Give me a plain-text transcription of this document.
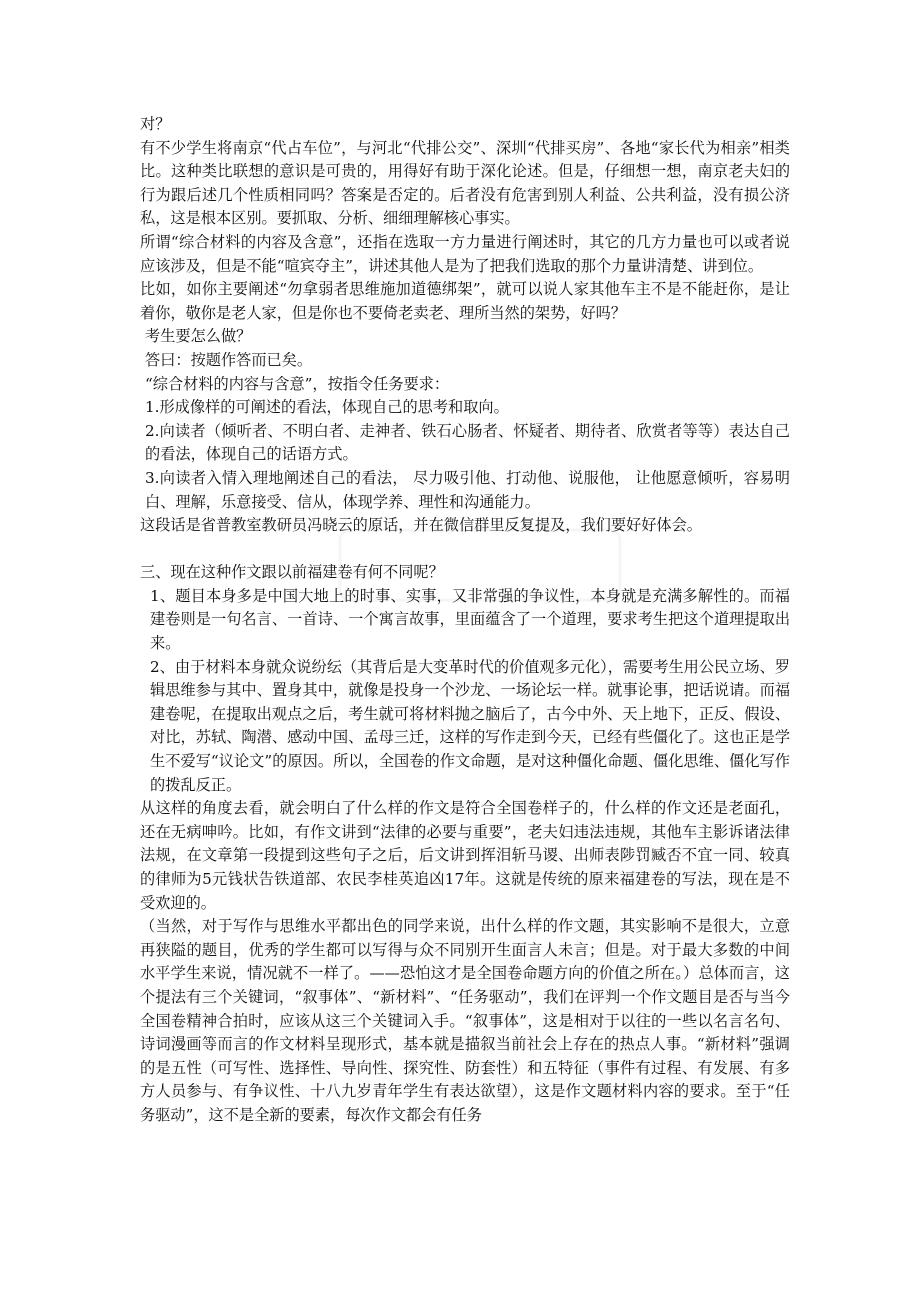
对？

有不少学生将南京“代占车位”，与河北“代排公交”、深圳“代排买房”、各地“家长代为相亲”相类比。这种类比联想的意识是可贵的，用得好有助于深化论述。但是，仔细想一想，南京老夫妇的行为跟后述几个性质相同吗？答案是否定的。后者没有危害到别人利益、公共利益，没有损公济私，这是根本区别。要抓取、分析、细细理解核心事实。

所谓“综合材料的内容及含意”，还指在选取一方力量进行阐述时，其它的几方力量也可以或者说应该涉及，但是不能“喧宾夺主”，讲述其他人是为了把我们选取的那个力量讲清楚、讲到位。

比如，如你主要阐述“勿拿弱者思维施加道德绑架”，就可以说人家其他车主不是不能赶你，是让着你，敬你是老人家，但是你也不要倚老卖老、理所当然的架势，好吗？

考生要怎么做？

答曰：按题作答而已矣。

“综合材料的内容与含意”，按指令任务要求：

1.形成像样的可阐述的看法，体现自己的思考和取向。

2.向读者（倾听者、不明白者、走神者、铁石心肠者、怀疑者、期待者、欣赏者等等）表达自己的看法，体现自己的话语方式。

3.向读者入情入理地阐述自己的看法， 尽力吸引他、打动他、说服他， 让他愿意倾听，容易明白、理解，乐意接受、信从，体现学养、理性和沟通能力。

这段话是省普教室教研员冯晓云的原话，并在微信群里反复提及，我们要好好体会。

三、现在这种作文跟以前福建卷有何不同呢？

1、题目本身多是中国大地上的时事、实事，又非常强的争议性，本身就是充满多解性的。而福建卷则是一句名言、一首诗、一个寓言故事，里面蕴含了一个道理，要求考生把这个道理提取出来。

2、由于材料本身就众说纷纭（其背后是大变革时代的价值观多元化），需要考生用公民立场、罗辑思维参与其中、置身其中，就像是投身一个沙龙、一场论坛一样。就事论事，把话说请。而福建卷呢，在提取出观点之后，考生就可将材料抛之脑后了，古今中外、天上地下，正反、假设、对比，苏轼、陶潜、感动中国、孟母三迁，这样的写作走到今天，已经有些僵化了。这也正是学生不爱写“议论文”的原因。所以，全国卷的作文命题，是对这种僵化命题、僵化思维、僵化写作的拨乱反正。

从这样的角度去看，就会明白了什么样的作文是符合全国卷样子的，什么样的作文还是老面孔，还在无病呻吟。比如，有作文讲到“法律的必要与重要”，老夫妇违法违规，其他车主影诉诸法律法规，在文章第一段提到这些句子之后，后文讲到挥泪斩马谡、出师表陟罚臧否不宜一同、较真的律师为5元钱状告铁道部、农民李桂英追凶17年。这就是传统的原来福建卷的写法，现在是不受欢迎的。

（当然，对于写作与思维水平都出色的同学来说，出什么样的作文题，其实影响不是很大，立意再狭隘的题目，优秀的学生都可以写得与众不同别开生面言人未言；但是。对于最大多数的中间水平学生来说，情况就不一样了。——恐怕这才是全国卷命题方向的价值之所在。）总体而言，这个提法有三个关键词，“叙事体”、“新材料”、“任务驱动”，我们在评判一个作文题目是否与当今全国卷精神合拍时，应该从这三个关键词入手。“叙事体”，这是相对于以往的一些以名言名句、诗词漫画等而言的作文材料呈现形式，基本就是描叙当前社会上存在的热点人事。“新材料”强调的是五性（可写性、选择性、导向性、探究性、防套性）和五特征（事件有过程、有发展、有多方人员参与、有争议性、十八九岁青年学生有表达欲望），这是作文题材料内容的要求。至于“任务驱动”，这不是全新的要素，每次作文都会有任务
